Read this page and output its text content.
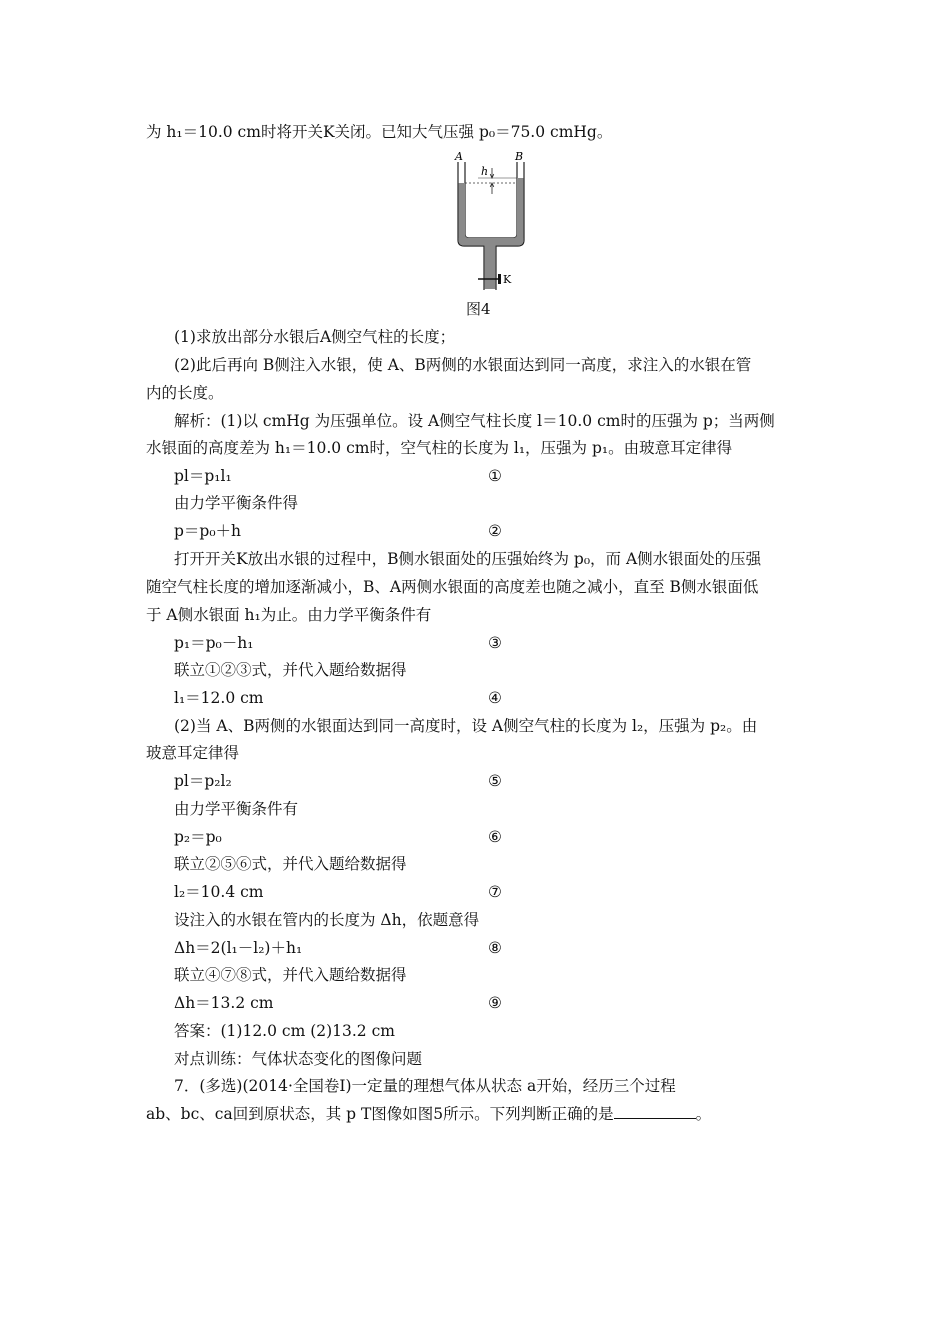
为 h₁＝10.0 cm时将开关K关闭。已知大气压强 p₀＝75.0 cmHg。
h
A	B
K
图4
(1)求放出部分水银后A侧空气柱的长度；
(2)此后再向 B侧注入水银，使 A、B两侧的水银面达到同一高度，求注入的水银在管
内的长度。
解析：(1)以 cmHg 为压强单位。设 A侧空气柱长度 l＝10.0 cm时的压强为 p；当两侧
水银面的高度差为 h₁＝10.0 cm时，空气柱的长度为 l₁，压强为 p₁。由玻意耳定律得
pl＝p₁l₁	①
由力学平衡条件得
p＝p₀＋h	②
打开开关K放出水银的过程中，B侧水银面处的压强始终为 p₀，而 A侧水银面处的压强
随空气柱长度的增加逐渐减小，B、A两侧水银面的高度差也随之减小，直至 B侧水银面低
于 A侧水银面 h₁为止。由力学平衡条件有
p₁＝p₀－h₁	③
联立①②③式，并代入题给数据得
l₁＝12.0 cm	④
(2)当 A、B两侧的水银面达到同一高度时，设 A侧空气柱的长度为 l₂，压强为 p₂。由
玻意耳定律得
pl＝p₂l₂	⑤
由力学平衡条件有
p₂＝p₀	⑥
联立②⑤⑥式，并代入题给数据得
l₂＝10.4 cm	⑦
设注入的水银在管内的长度为 Δh，依题意得
Δh＝2(l₁－l₂)＋h₁	⑧
联立④⑦⑧式，并代入题给数据得
Δh＝13.2 cm	⑨
答案：(1)12.0 cm (2)13.2 cm
对点训练：气体状态变化的图像问题
7．(多选)(2014·全国卷Ⅰ)一定量的理想气体从状态 a开始，经历三个过程
ab、bc、ca回到原状态，其 p T图像如图5所示。下列判断正确的是	。
